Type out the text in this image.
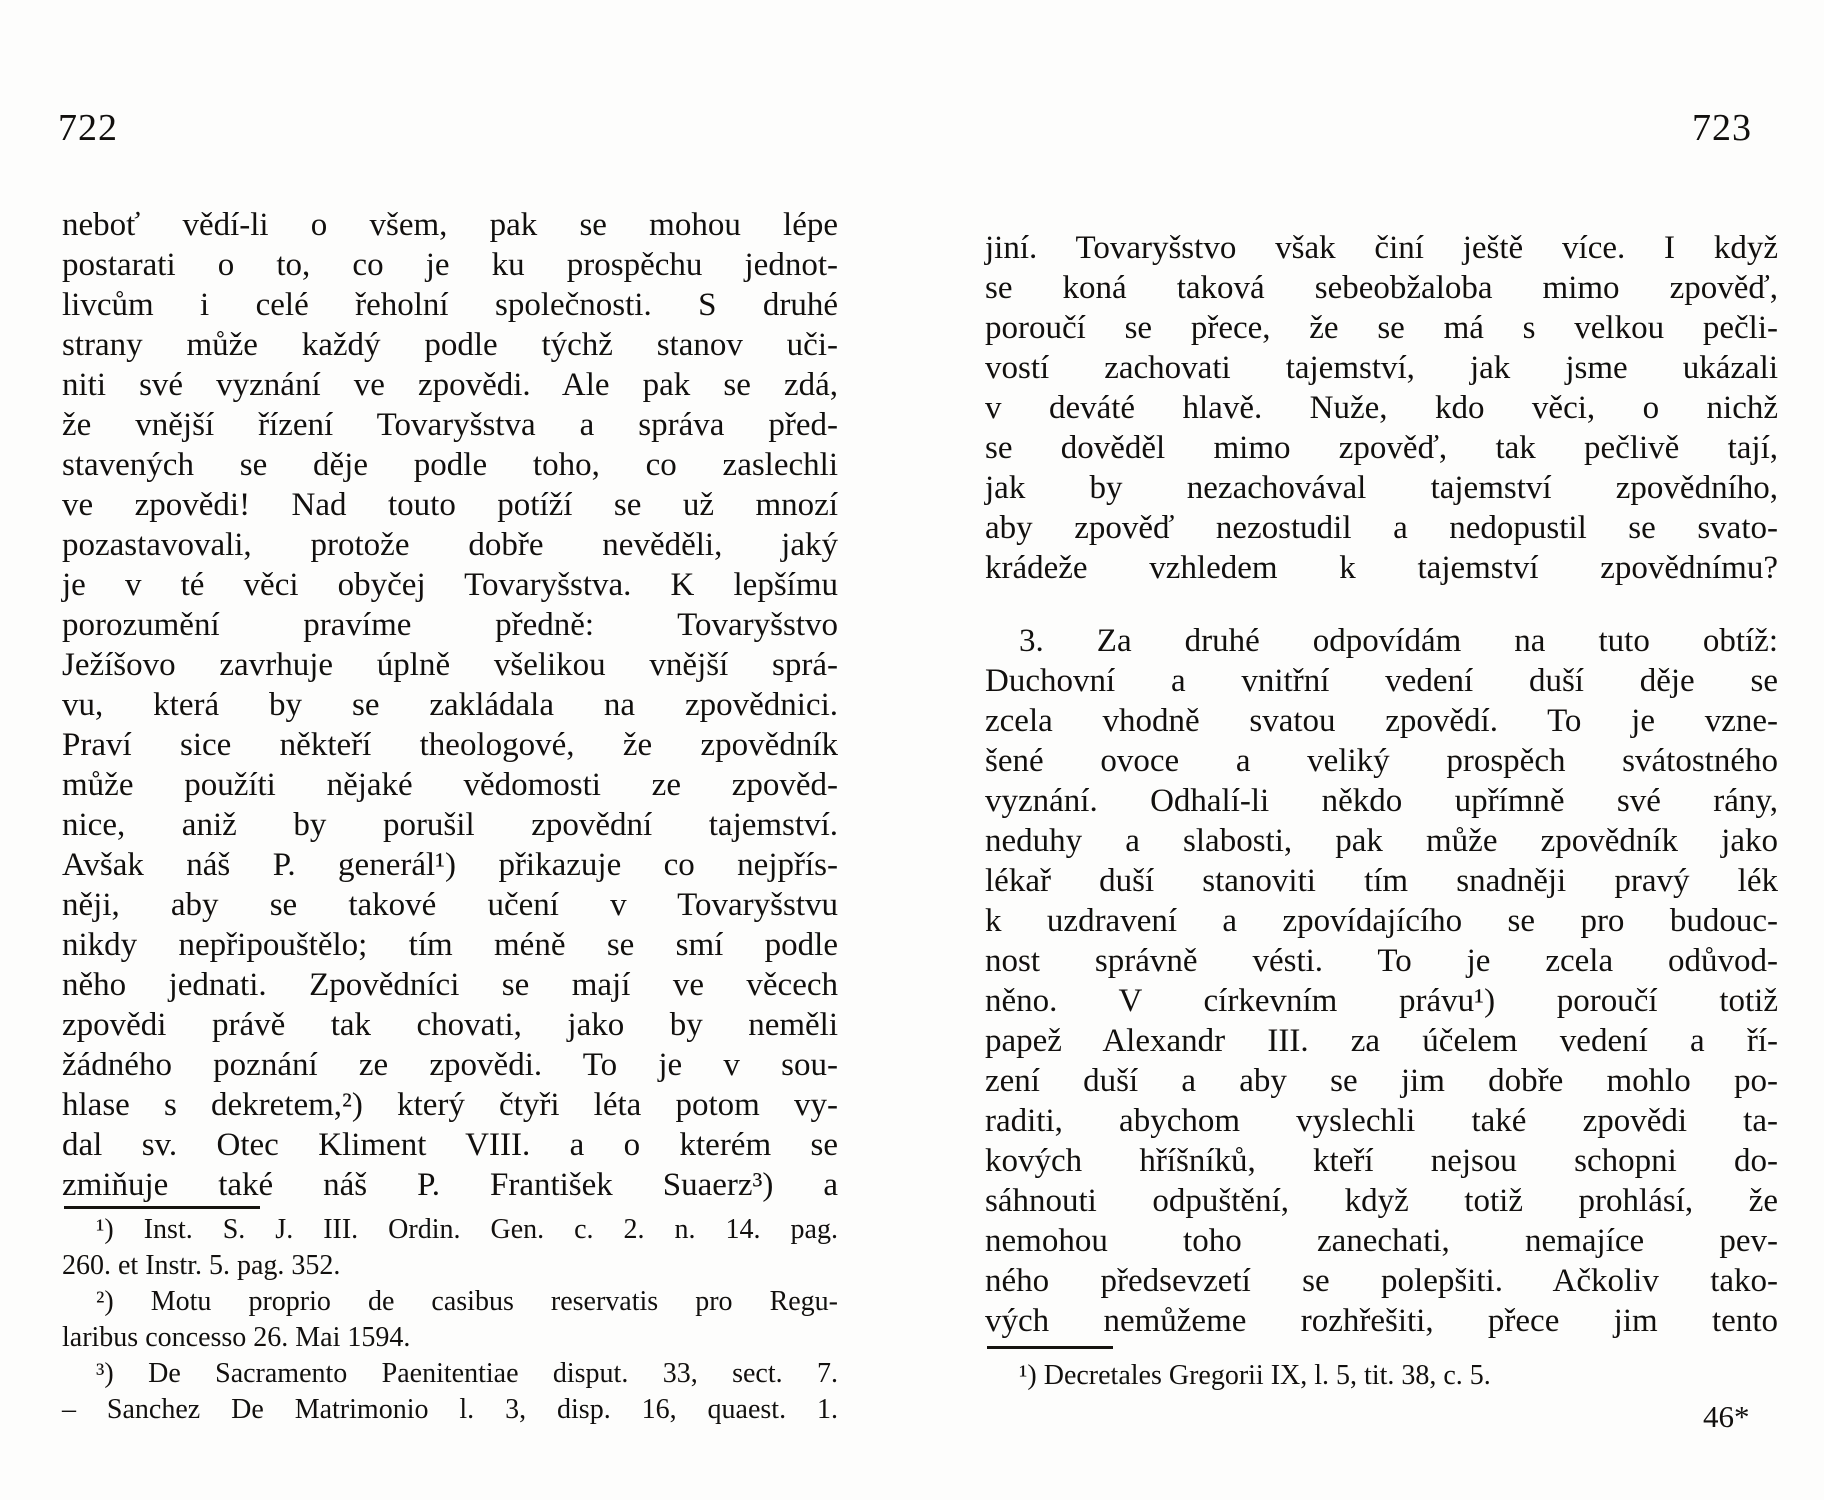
722
neboť vědí-li o všem, pak se mohou lépe
postarati o to, co je ku prospěchu jednot-
livcům i celé řeholní společnosti. S druhé
strany může každý podle týchž stanov uči-
niti své vyznání ve zpovědi. Ale pak se zdá,
že vnější řízení Tovaryšstva a správa před-
stavených se děje podle toho, co zaslechli
ve zpovědi! Nad touto potíží se už mnozí
pozastavovali, protože dobře nevěděli, jaký
je v té věci obyčej Tovaryšstva. K lepšímu
porozumění pravíme předně: Tovaryšstvo
Ježíšovo zavrhuje úplně všelikou vnější sprá-
vu, která by se zakládala na zpovědnici.
Praví sice někteří theologové, že zpovědník
může použíti nějaké vědomosti ze zpověd-
nice, aniž by porušil zpovědní tajemství.
Avšak náš P. generál¹) přikazuje co nejpřís-
něji, aby se takové učení v Tovaryšstvu
nikdy nepřipouštělo; tím méně se smí podle
něho jednati. Zpovědníci se mají ve věcech
zpovědi právě tak chovati, jako by neměli
žádného poznání ze zpovědi. To je v sou-
hlase s dekretem,²) který čtyři léta potom vy-
dal sv. Otec Kliment VIII. a o kterém se
zmiňuje také náš P. František Suaerz³) a
¹) Inst. S. J. III. Ordin. Gen. c. 2. n. 14. pag.
260. et Instr. 5. pag. 352.
²) Motu proprio de casibus reservatis pro Regu-
laribus concesso 26. Mai 1594.
³) De Sacramento Paenitentiae disput. 33, sect. 7.
– Sanchez De Matrimonio l. 3, disp. 16, quaest. 1.
723
jiní. Tovaryšstvo však činí ještě více. I když
se koná taková sebeobžaloba mimo zpověď,
poroučí se přece, že se má s velkou pečli-
vostí zachovati tajemství, jak jsme ukázali
v deváté hlavě. Nuže, kdo věci, o nichž
se dověděl mimo zpověď, tak pečlivě tají,
jak by nezachovával tajemství zpovědního,
aby zpověď nezostudil a nedopustil se svato-
krádeže vzhledem k tajemství zpovědnímu?
3. Za druhé odpovídám na tuto obtíž:
Duchovní a vnitřní vedení duší děje se
zcela vhodně svatou zpovědí. To je vzne-
šené ovoce a veliký prospěch svátostného
vyznání. Odhalí-li někdo upřímně své rány,
neduhy a slabosti, pak může zpovědník jako
lékař duší stanoviti tím snadněji pravý lék
k uzdravení a zpovídajícího se pro budouc-
nost správně vésti. To je zcela odůvod-
něno. V církevním právu¹) poroučí totiž
papež Alexandr III. za účelem vedení a ří-
zení duší a aby se jim dobře mohlo po-
raditi, abychom vyslechli také zpovědi ta-
kových hříšníků, kteří nejsou schopni do-
sáhnouti odpuštění, když totiž prohlásí, že
nemohou toho zanechati, nemajíce pev-
ného předsevzetí se polepšiti. Ačkoliv tako-
vých nemůžeme rozhřešiti, přece jim tento
¹) Decretales Gregorii IX, l. 5, tit. 38, c. 5.
46*
